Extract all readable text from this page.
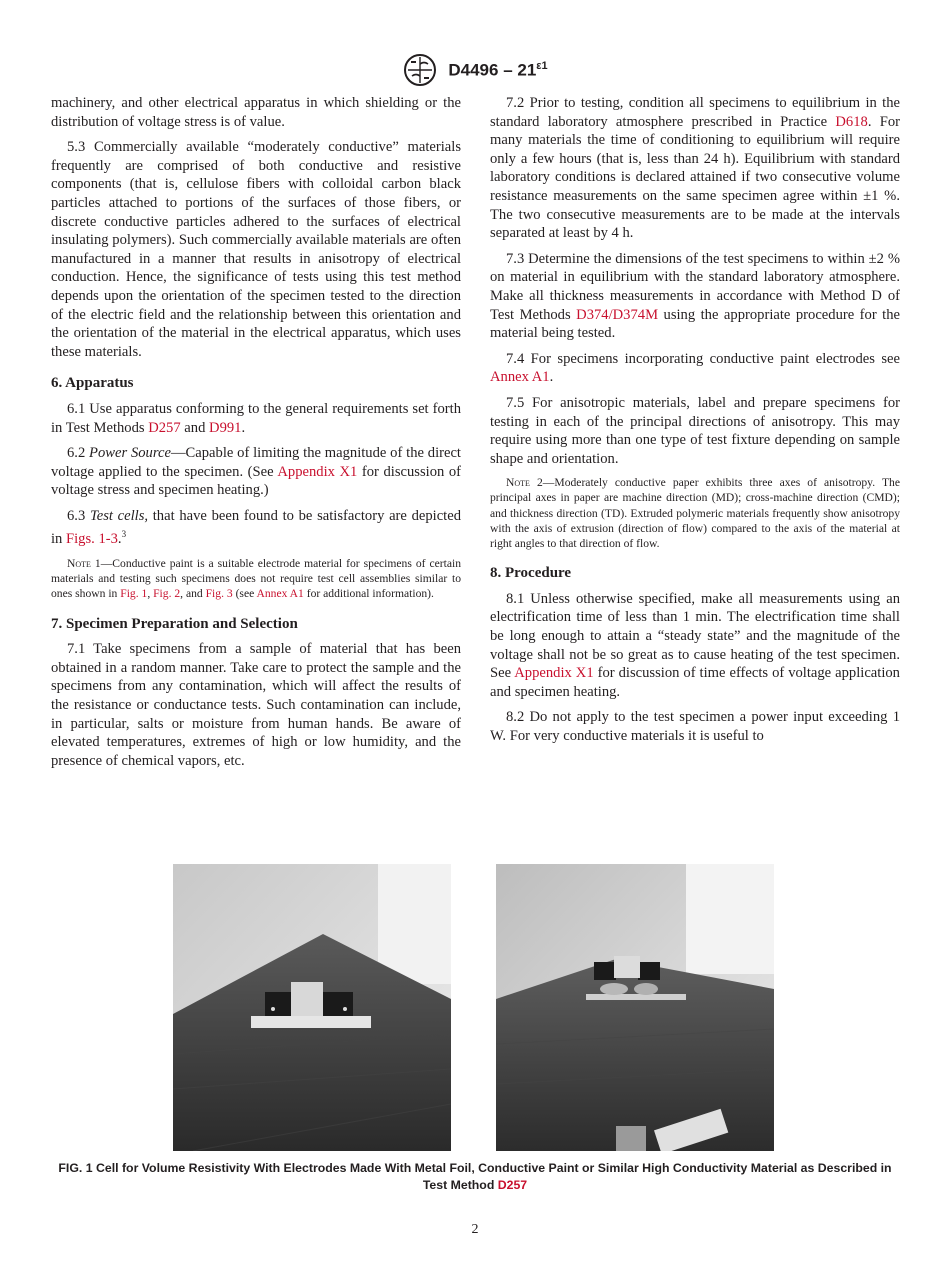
$D4496 - 21^{\varepsilon 1}$

machinery, and other electrical apparatus in which shielding or the distribution of voltage stress is of value.

5.3 Commercially available “moderately conductive” materials frequently are comprised of both conductive and resistive components (that is, cellulose fibers with colloidal carbon black particles attached to portions of the surfaces of those fibers, or discrete conductive particles adhered to the surfaces of electrical insulating polymers). Such commercially available materials are often manufactured in a manner that results in anisotropy of electrical conduction. Hence, the significance of tests using this test method depends upon the orientation of the specimen tested to the direction of the electric field and the relationship between this orientation and the orientation of the material in the electrical apparatus, which uses these materials.

6. Apparatus

6.1 Use apparatus conforming to the general requirements set forth in Test Methods D257 and D991.

6.2 Power Source—Capable of limiting the magnitude of the direct voltage applied to the specimen. (See Appendix X1 for discussion of voltage stress and specimen heating.)

6.3 Test cells, that have been found to be satisfactory are depicted in Figs. 1-3.$^3$

Note 1—Conductive paint is a suitable electrode material for specimens of certain materials and testing such specimens does not require test cell assemblies similar to ones shown in Fig. 1, Fig. 2, and Fig. 3 (see Annex A1 for additional information).

7. Specimen Preparation and Selection

7.1 Take specimens from a sample of material that has been obtained in a random manner. Take care to protect the sample and the specimens from any contamination, which will affect the results of the resistance or conductance tests. Such contamination can include, in particular, salts or moisture from human hands. Be aware of elevated temperatures, extremes of high or low humidity, and the presence of chemical vapors, etc.

7.2 Prior to testing, condition all specimens to equilibrium in the standard laboratory atmosphere prescribed in Practice D618. For many materials the time of conditioning to equilibrium will require only a few hours (that is, less than 24 h). Equilibrium with standard laboratory conditions is declared attained if two consecutive volume resistance measurements on the same specimen agree within ±1 %. The two consecutive measurements are to be made at the intervals separated at least by 4 h.

7.3 Determine the dimensions of the test specimens to within ±2 % on material in equilibrium with the standard laboratory atmosphere. Make all thickness measurements in accordance with Method D of Test Methods D374/D374M using the appropriate procedure for the material being tested.

7.4 For specimens incorporating conductive paint electrodes see Annex A1.

7.5 For anisotropic materials, label and prepare specimens for testing in each of the principal directions of anisotropy. This may require using more than one type of test fixture depending on sample shape and orientation.

Note 2—Moderately conductive paper exhibits three axes of anisotropy. The principal axes in paper are machine direction (MD); cross-machine direction (CMD); and thickness direction (TD). Extruded polymeric materials frequently show anisotropy with the axis of extrusion (direction of flow) compared to the axis of the material at right angles to that direction of flow.

8. Procedure

8.1 Unless otherwise specified, make all measurements using an electrification time of less than 1 min. The electrification time shall be long enough to attain a “steady state” and the magnitude of the voltage shall not be so great as to cause heating of the test specimen. See Appendix X1 for discussion of time effects of voltage application and specimen heating.

8.2 Do not apply to the test specimen a power input exceeding 1 W. For very conductive materials it is useful to

FIG. 1 Cell for Volume Resistivity With Electrodes Made With Metal Foil, Conductive Paint or Similar High Conductivity Material as Described in Test Method D257
2
